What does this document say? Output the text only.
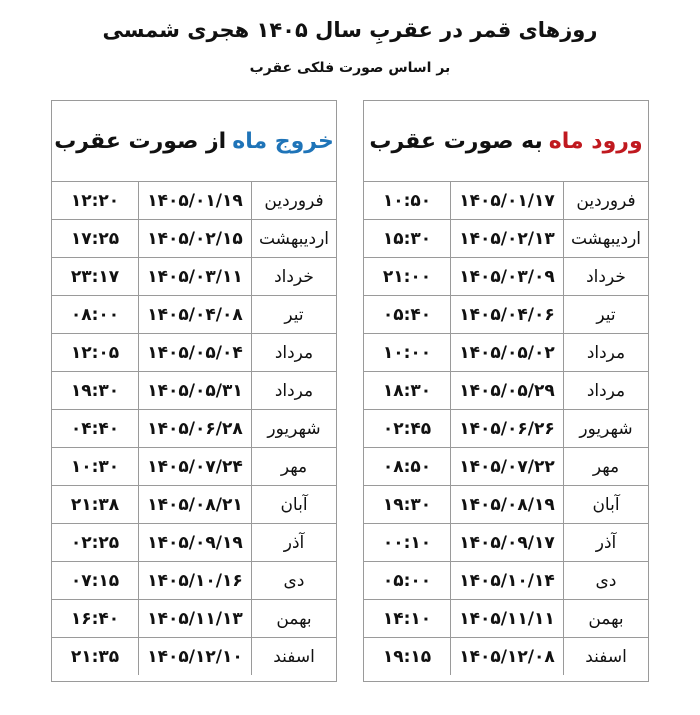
روزهای قمر در عقربِ سال ۱۴۰۵ هجری شمسی
بر اساس صورت فلکی عقرب
ورود ماه
به صورت عقرب
فروردین	۱۴۰۵/۰۱/۱۷	۱۰:۵۰
اردیبهشت	۱۴۰۵/۰۲/۱۳	۱۵:۳۰
خرداد	۱۴۰۵/۰۳/۰۹	۲۱:۰۰
تیر	۱۴۰۵/۰۴/۰۶	۰۵:۴۰
مرداد	۱۴۰۵/۰۵/۰۲	۱۰:۰۰
مرداد	۱۴۰۵/۰۵/۲۹	۱۸:۳۰
شهریور	۱۴۰۵/۰۶/۲۶	۰۲:۴۵
مهر	۱۴۰۵/۰۷/۲۲	۰۸:۵۰
آبان	۱۴۰۵/۰۸/۱۹	۱۹:۳۰
آذر	۱۴۰۵/۰۹/۱۷	۰۰:۱۰
دی	۱۴۰۵/۱۰/۱۴	۰۵:۰۰
بهمن	۱۴۰۵/۱۱/۱۱	۱۴:۱۰
اسفند	۱۴۰۵/۱۲/۰۸	۱۹:۱۵
خروج ماه
از صورت عقرب
فروردین	۱۴۰۵/۰۱/۱۹	۱۲:۲۰
اردیبهشت	۱۴۰۵/۰۲/۱۵	۱۷:۲۵
خرداد	۱۴۰۵/۰۳/۱۱	۲۳:۱۷
تیر	۱۴۰۵/۰۴/۰۸	۰۸:۰۰
مرداد	۱۴۰۵/۰۵/۰۴	۱۲:۰۵
مرداد	۱۴۰۵/۰۵/۳۱	۱۹:۳۰
شهریور	۱۴۰۵/۰۶/۲۸	۰۴:۴۰
مهر	۱۴۰۵/۰۷/۲۴	۱۰:۳۰
آبان	۱۴۰۵/۰۸/۲۱	۲۱:۳۸
آذر	۱۴۰۵/۰۹/۱۹	۰۲:۲۵
دی	۱۴۰۵/۱۰/۱۶	۰۷:۱۵
بهمن	۱۴۰۵/۱۱/۱۳	۱۶:۴۰
اسفند	۱۴۰۵/۱۲/۱۰	۲۱:۳۵
